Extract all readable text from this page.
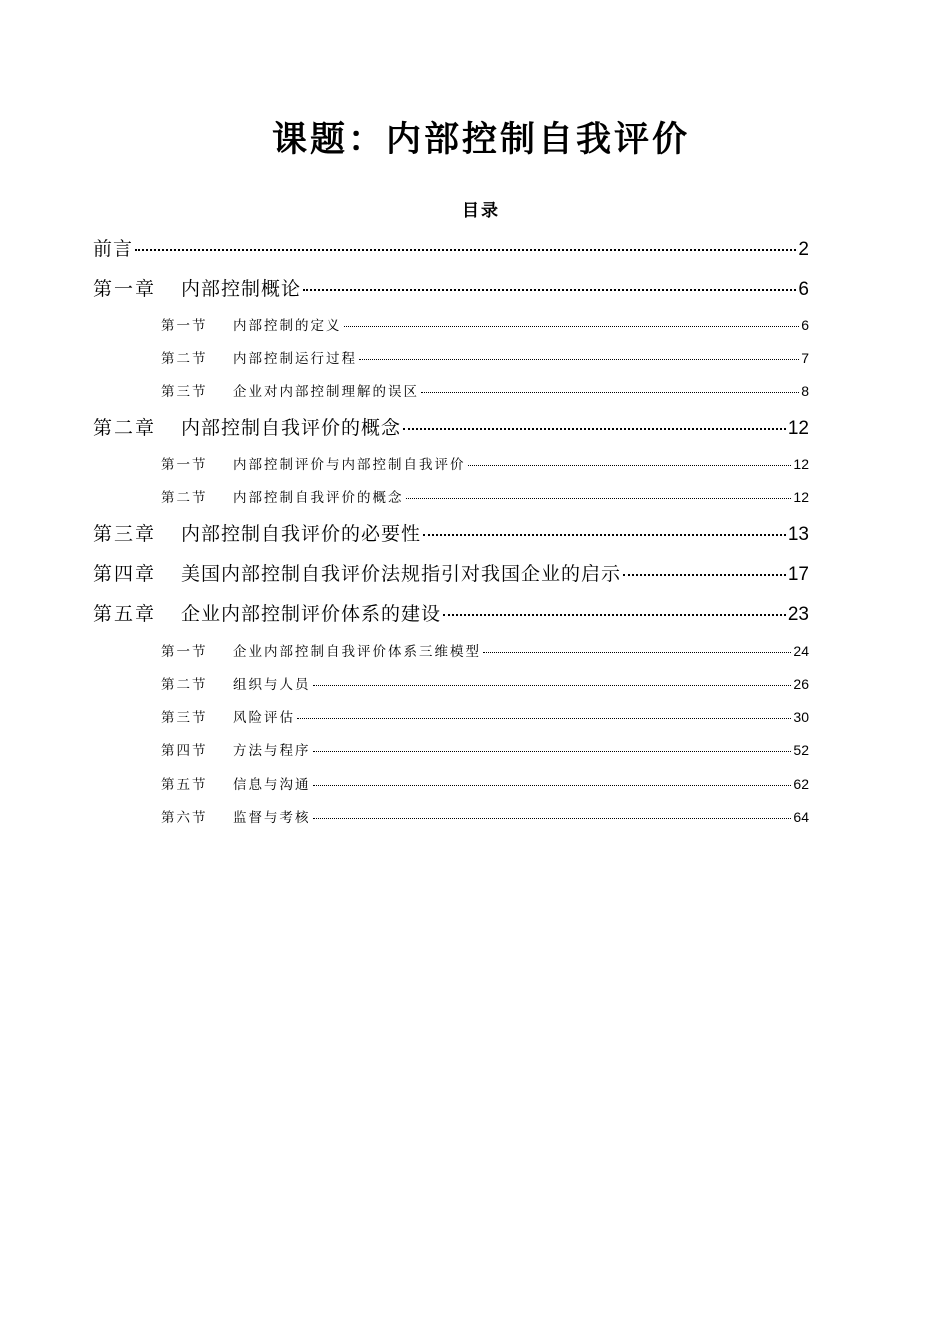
课题：内部控制自我评价
目录
前言	2
第一章	内部控制概论	6
第一节	内部控制的定义	6
第二节	内部控制运行过程	7
第三节	企业对内部控制理解的误区	8
第二章	内部控制自我评价的概念	12
第一节	内部控制评价与内部控制自我评价	12
第二节	内部控制自我评价的概念	12
第三章	内部控制自我评价的必要性	13
第四章	美国内部控制自我评价法规指引对我国企业的启示	17
第五章	企业内部控制评价体系的建设	23
第一节	企业内部控制自我评价体系三维模型	24
第二节	组织与人员	26
第三节	风险评估	30
第四节	方法与程序	52
第五节	信息与沟通	62
第六节	监督与考核	64
